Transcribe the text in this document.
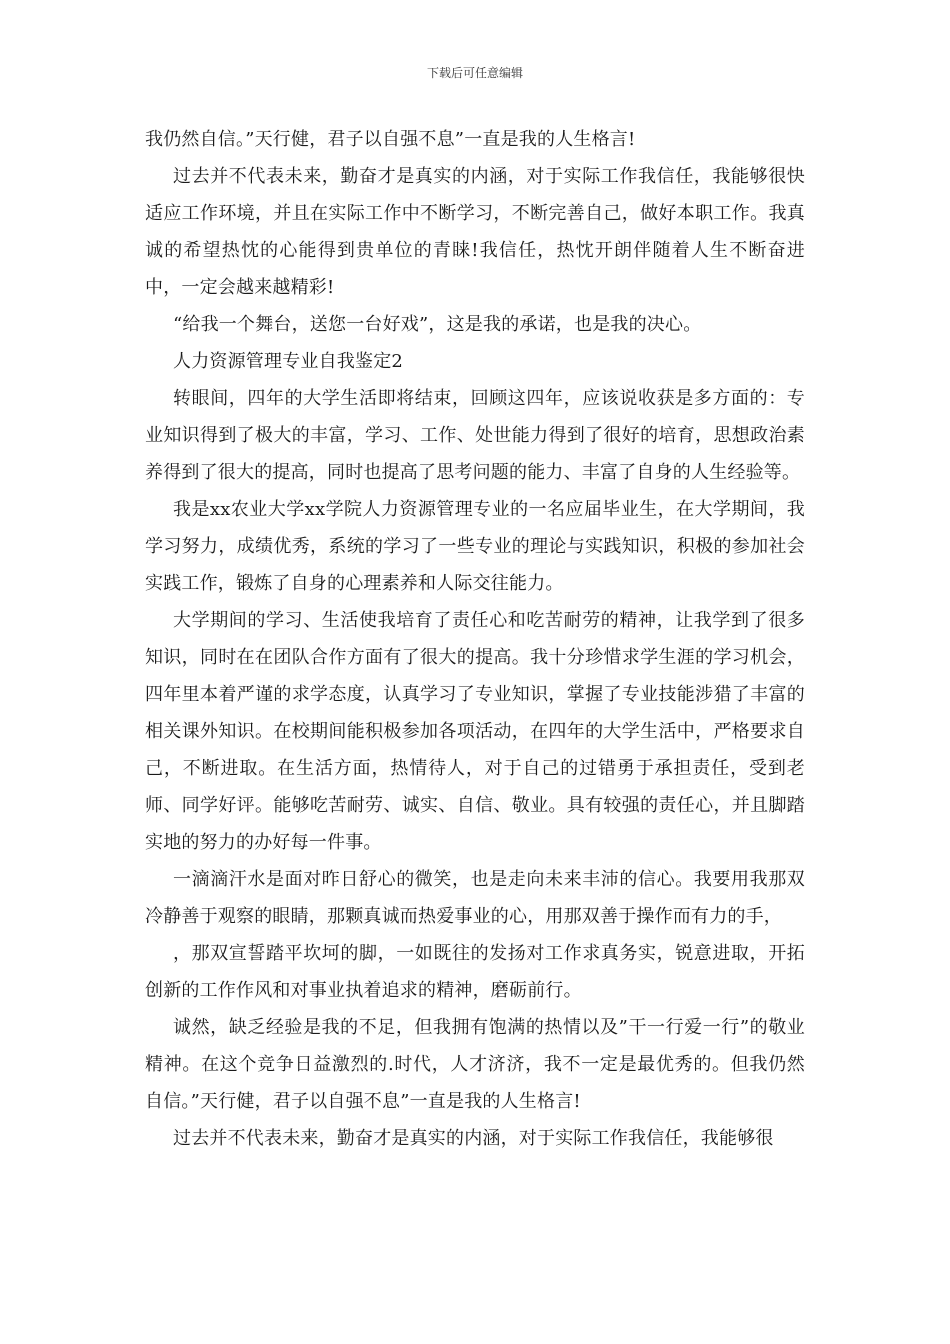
下载后可任意编辑

我仍然自信。”天行健，君子以自强不息”一直是我的人生格言!

过去并不代表未来，勤奋才是真实的内涵，对于实际工作我信任，我能够很快适应工作环境，并且在实际工作中不断学习，不断完善自己，做好本职工作。我真诚的希望热忱的心能得到贵单位的青睐!我信任，热忱开朗伴随着人生不断奋进中，一定会越来越精彩!

“给我一个舞台，送您一台好戏”，这是我的承诺，也是我的决心。

人力资源管理专业自我鉴定2

转眼间，四年的大学生活即将结束，回顾这四年，应该说收获是多方面的：专业知识得到了极大的丰富，学习、工作、处世能力得到了很好的培育，思想政治素养得到了很大的提高，同时也提高了思考问题的能力、丰富了自身的人生经验等。

我是xx农业大学xx学院人力资源管理专业的一名应届毕业生，在大学期间，我学习努力，成绩优秀，系统的学习了一些专业的理论与实践知识，积极的参加社会实践工作，锻炼了自身的心理素养和人际交往能力。

大学期间的学习、生活使我培育了责任心和吃苦耐劳的精神，让我学到了很多知识，同时在在团队合作方面有了很大的提高。我十分珍惜求学生涯的学习机会，四年里本着严谨的求学态度，认真学习了专业知识，掌握了专业技能涉猎了丰富的相关课外知识。在校期间能积极参加各项活动，在四年的大学生活中，严格要求自己，不断进取。在生活方面，热情待人，对于自己的过错勇于承担责任，受到老师、同学好评。能够吃苦耐劳、诚实、自信、敬业。具有较强的责任心，并且脚踏实地的努力的办好每一件事。

一滴滴汗水是面对昨日舒心的微笑，也是走向未来丰沛的信心。我要用我那双冷静善于观察的眼睛，那颗真诚而热爱事业的心，用那双善于操作而有力的手，

，那双宣誓踏平坎坷的脚，一如既往的发扬对工作求真务实，锐意进取，开拓创新的工作作风和对事业执着追求的精神，磨砺前行。

诚然，缺乏经验是我的不足，但我拥有饱满的热情以及”干一行爱一行”的敬业精神。在这个竞争日益激烈的.时代，人才济济，我不一定是最优秀的。但我仍然自信。”天行健，君子以自强不息”一直是我的人生格言!

过去并不代表未来，勤奋才是真实的内涵，对于实际工作我信任，我能够很
